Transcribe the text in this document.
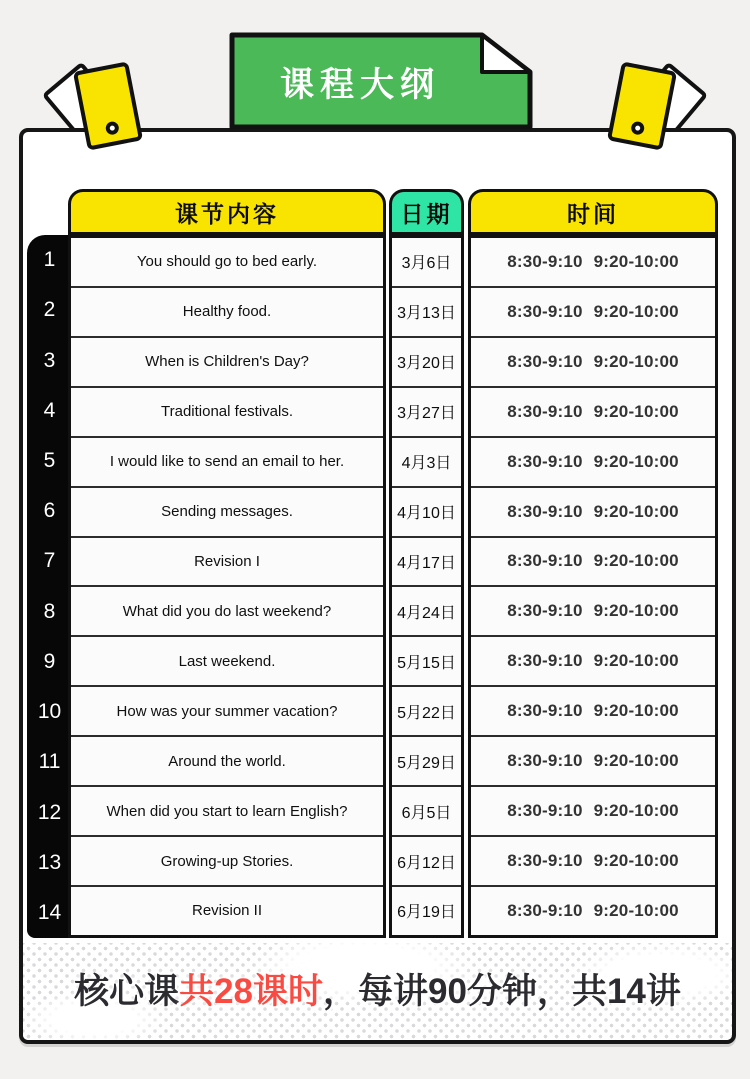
课节内容	日期	时间
1
2
3
4
5
6
7
8
9
10
11
12
13
14
You should go to bed early.
Healthy food.
When is Children's Day?
Traditional festivals.
I would like to send an email to her.
Sending messages.
Revision I
What did you do last weekend?
Last weekend.
How was your summer vacation?
Around the world.
When did you start to learn English?
Growing-up Stories.
Revision II
3月6日
3月13日
3月20日
3月27日
4月3日
4月10日
4月17日
4月24日
5月15日
5月22日
5月29日
6月5日
6月12日
6月19日
8:30-9:10 9:20-10:00
8:30-9:10 9:20-10:00
8:30-9:10 9:20-10:00
8:30-9:10 9:20-10:00
8:30-9:10 9:20-10:00
8:30-9:10 9:20-10:00
8:30-9:10 9:20-10:00
8:30-9:10 9:20-10:00
8:30-9:10 9:20-10:00
8:30-9:10 9:20-10:00
8:30-9:10 9:20-10:00
8:30-9:10 9:20-10:00
8:30-9:10 9:20-10:00
8:30-9:10 9:20-10:00
核心课共28课时，每讲90分钟，共14讲
课程大纲
